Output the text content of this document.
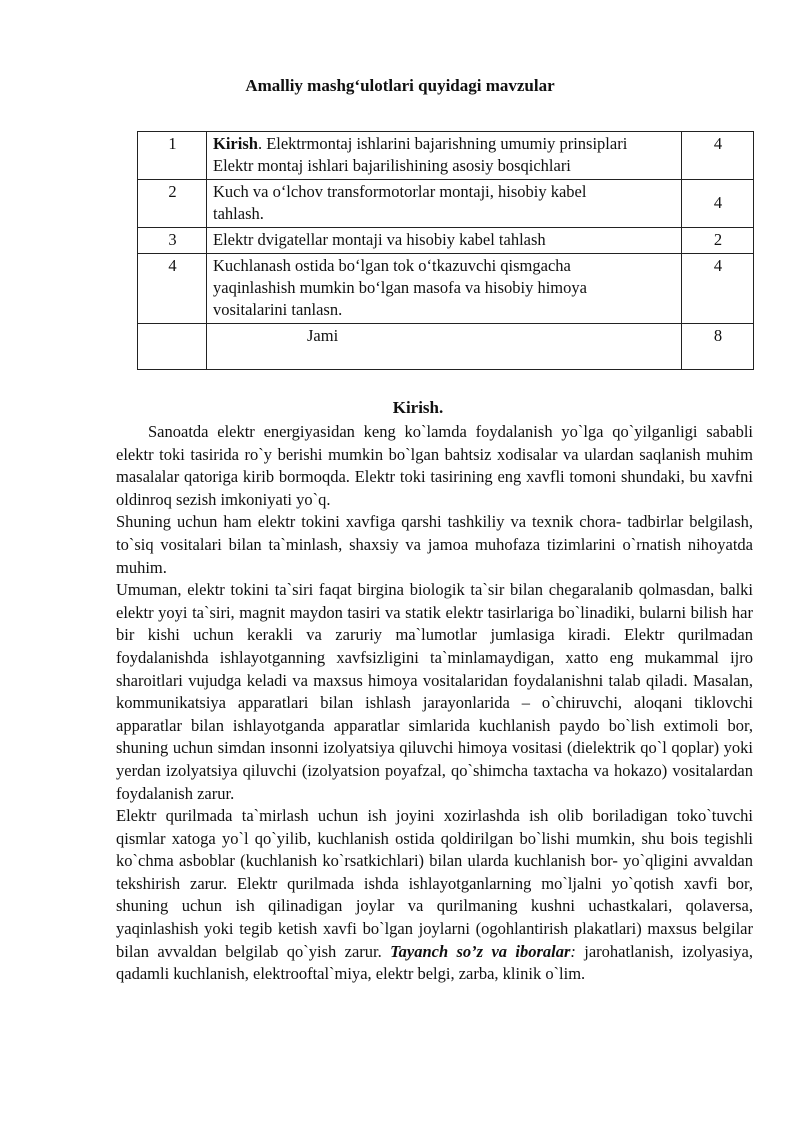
Amalliy mashg‘ulotlari quyidagi mavzular
1	Kirish. Elektrmontaj ishlarini bajarishning umumiy prinsiplari
Elektr montaj ishlari bajarilishining asosiy bosqichlari	4
2	Kuch va o‘lchov transformotorlar montaji, hisobiy kabel
tahlash.	4
3	Elektr dvigatellar montaji va hisobiy kabel tahlash	2
4	Kuchlanash ostida bo‘lgan tok o‘tkazuvchi qismgacha
yaqinlashish mumkin bo‘lgan masofa va hisobiy himoya
vositalarini tanlasn.	4
	Jami	8
Kirish.

Sanoatda elektr energiyasidan keng ko`lamda foydalanish yo`lga qo`yilganligi sababli elektr toki tasirida ro`y berishi mumkin bo`lgan bahtsiz xodisalar va ulardan saqlanish muhim masalalar qatoriga kirib bormoqda. Elektr toki tasirining eng xavfli tomoni shundaki, bu xavfni oldinroq sezish imkoniyati yo`q.

Shuning uchun ham elektr tokini xavfiga qarshi tashkiliy va texnik chora- tadbirlar belgilash, to`siq vositalari bilan ta`minlash, shaxsiy va jamoa muhofaza tizimlarini o`rnatish nihoyatda muhim.

Umuman, elektr tokini ta`siri faqat birgina biologik ta`sir bilan chegaralanib qolmasdan, balki elektr yoyi ta`siri, magnit maydon tasiri va statik elektr tasirlariga bo`linadiki, bularni bilish har bir kishi uchun kerakli va zaruriy ma`lumotlar jumlasiga kiradi. Elektr qurilmadan foydalanishda ishlayotganning xavfsizligini ta`minlamaydigan, xatto eng mukammal ijro sharoitlari vujudga keladi va maxsus himoya vositalaridan foydalanishni talab qiladi. Masalan, kommunikatsiya apparatlari bilan ishlash jarayonlarida – o`chiruvchi, aloqani tiklovchi apparatlar bilan ishlayotganda apparatlar simlarida kuchlanish paydo bo`lish extimoli bor, shuning uchun simdan insonni izolyatsiya qiluvchi himoya vositasi (dielektrik qo`l qoplar) yoki yerdan izolyatsiya qiluvchi (izolyatsion poyafzal, qo`shimcha taxtacha va hokazo) vositalardan foydalanish zarur.

Elektr qurilmada ta`mirlash uchun ish joyini xozirlashda ish olib boriladigan toko`tuvchi qismlar xatoga yo`l qo`yilib, kuchlanish ostida qoldirilgan bo`lishi mumkin, shu bois tegishli ko`chma asboblar (kuchlanish ko`rsatkichlari) bilan ularda kuchlanish bor- yo`qligini avvaldan tekshirish zarur. Elektr qurilmada ishda ishlayotganlarning mo`ljalni yo`qotish xavfi bor, shuning uchun ish qilinadigan joylar va qurilmaning kushni uchastkalari, qolaversa, yaqinlashish yoki tegib ketish xavfi bo`lgan joylarni (ogohlantirish plakatlari) maxsus belgilar bilan avvaldan belgilab qo`yish zarur. Tayanch so’z va iboralar: jarohatlanish, izolyasiya, qadamli kuchlanish, elektrooftal`miya, elektr belgi, zarba, klinik o`lim.
